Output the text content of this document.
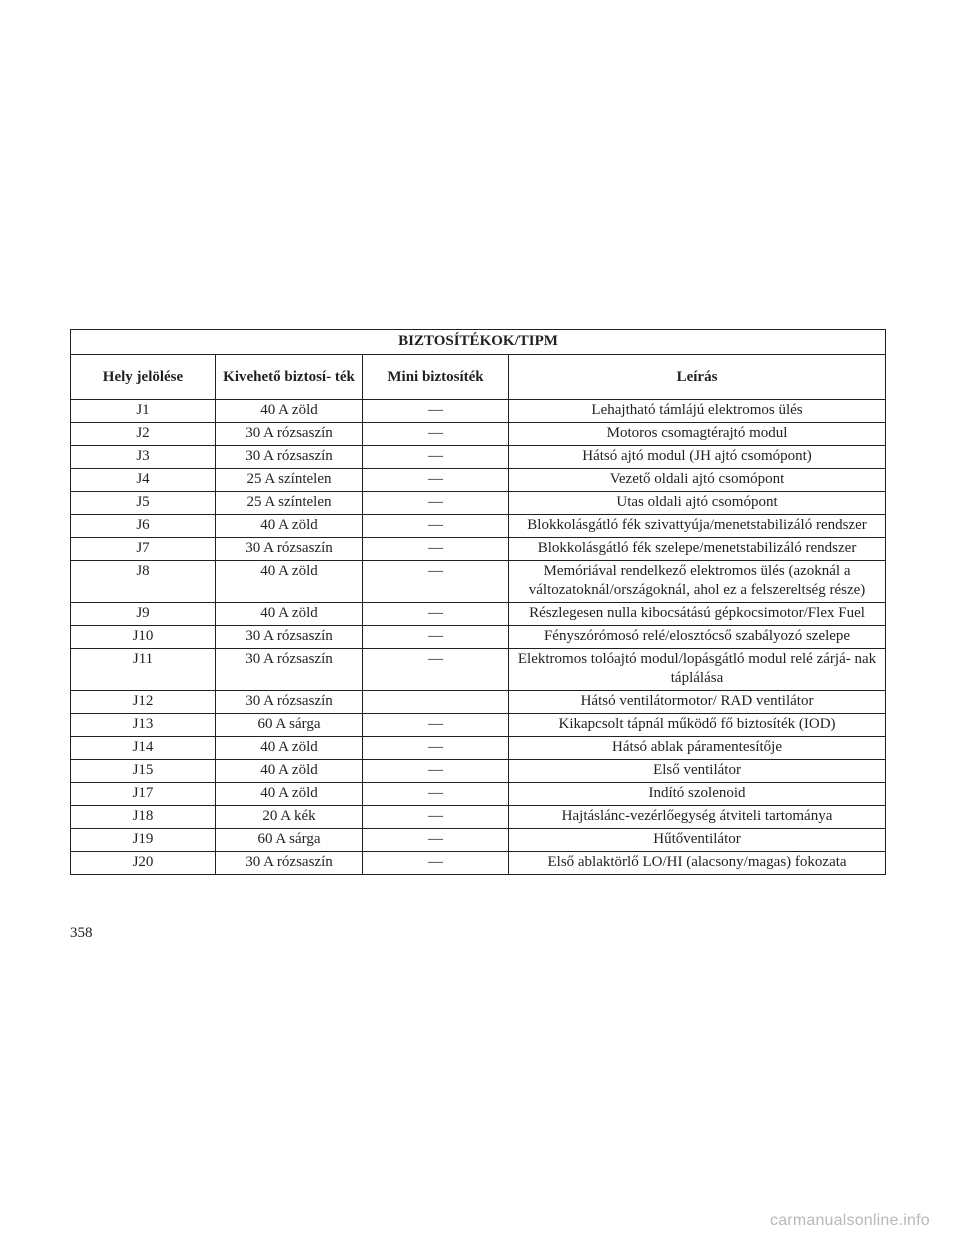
BIZTOSÍTÉKOK/TIPM			
Hely jelölése	Kivehető biztosí- ték	Mini biztosíték	Leírás
J1	40 A zöld	—	Lehajtható támlájú elektromos ülés
J2	30 A rózsaszín	—	Motoros csomagtérajtó modul
J3	30 A rózsaszín	—	Hátsó ajtó modul (JH ajtó csomópont)
J4	25 A színtelen	—	Vezető oldali ajtó csomópont
J5	25 A színtelen	—	Utas oldali ajtó csomópont
J6	40 A zöld	—	Blokkolásgátló fék szivattyúja/menetstabilizáló rendszer
J7	30 A rózsaszín	—	Blokkolásgátló fék szelepe/menetstabilizáló rendszer
J8	40 A zöld	—	Memóriával rendelkező elektromos ülés (azoknál a változatoknál/országoknál, ahol ez a felszereltség része)
J9	40 A zöld	—	Részlegesen nulla kibocsátású gépkocsimotor/Flex Fuel
J10	30 A rózsaszín	—	Fényszórómosó relé/elosztócső szabályozó szelepe
J11	30 A rózsaszín	—	Elektromos tolóajtó modul/lopásgátló modul relé zárjá- nak táplálása
J12	30 A rózsaszín		Hátsó ventilátormotor/ RAD ventilátor
J13	60 A sárga	—	Kikapcsolt tápnál működő fő biztosíték (IOD)
J14	40 A zöld	—	Hátsó ablak páramentesítője
J15	40 A zöld	—	Első ventilátor
J17	40 A zöld	—	Indító szolenoid
J18	20 A kék	—	Hajtáslánc-vezérlőegység átviteli tartománya
J19	60 A sárga	—	Hűtőventilátor
J20	30 A rózsaszín	—	Első ablaktörlő LO/HI (alacsony/magas) fokozata
358
carmanualsonline.info
